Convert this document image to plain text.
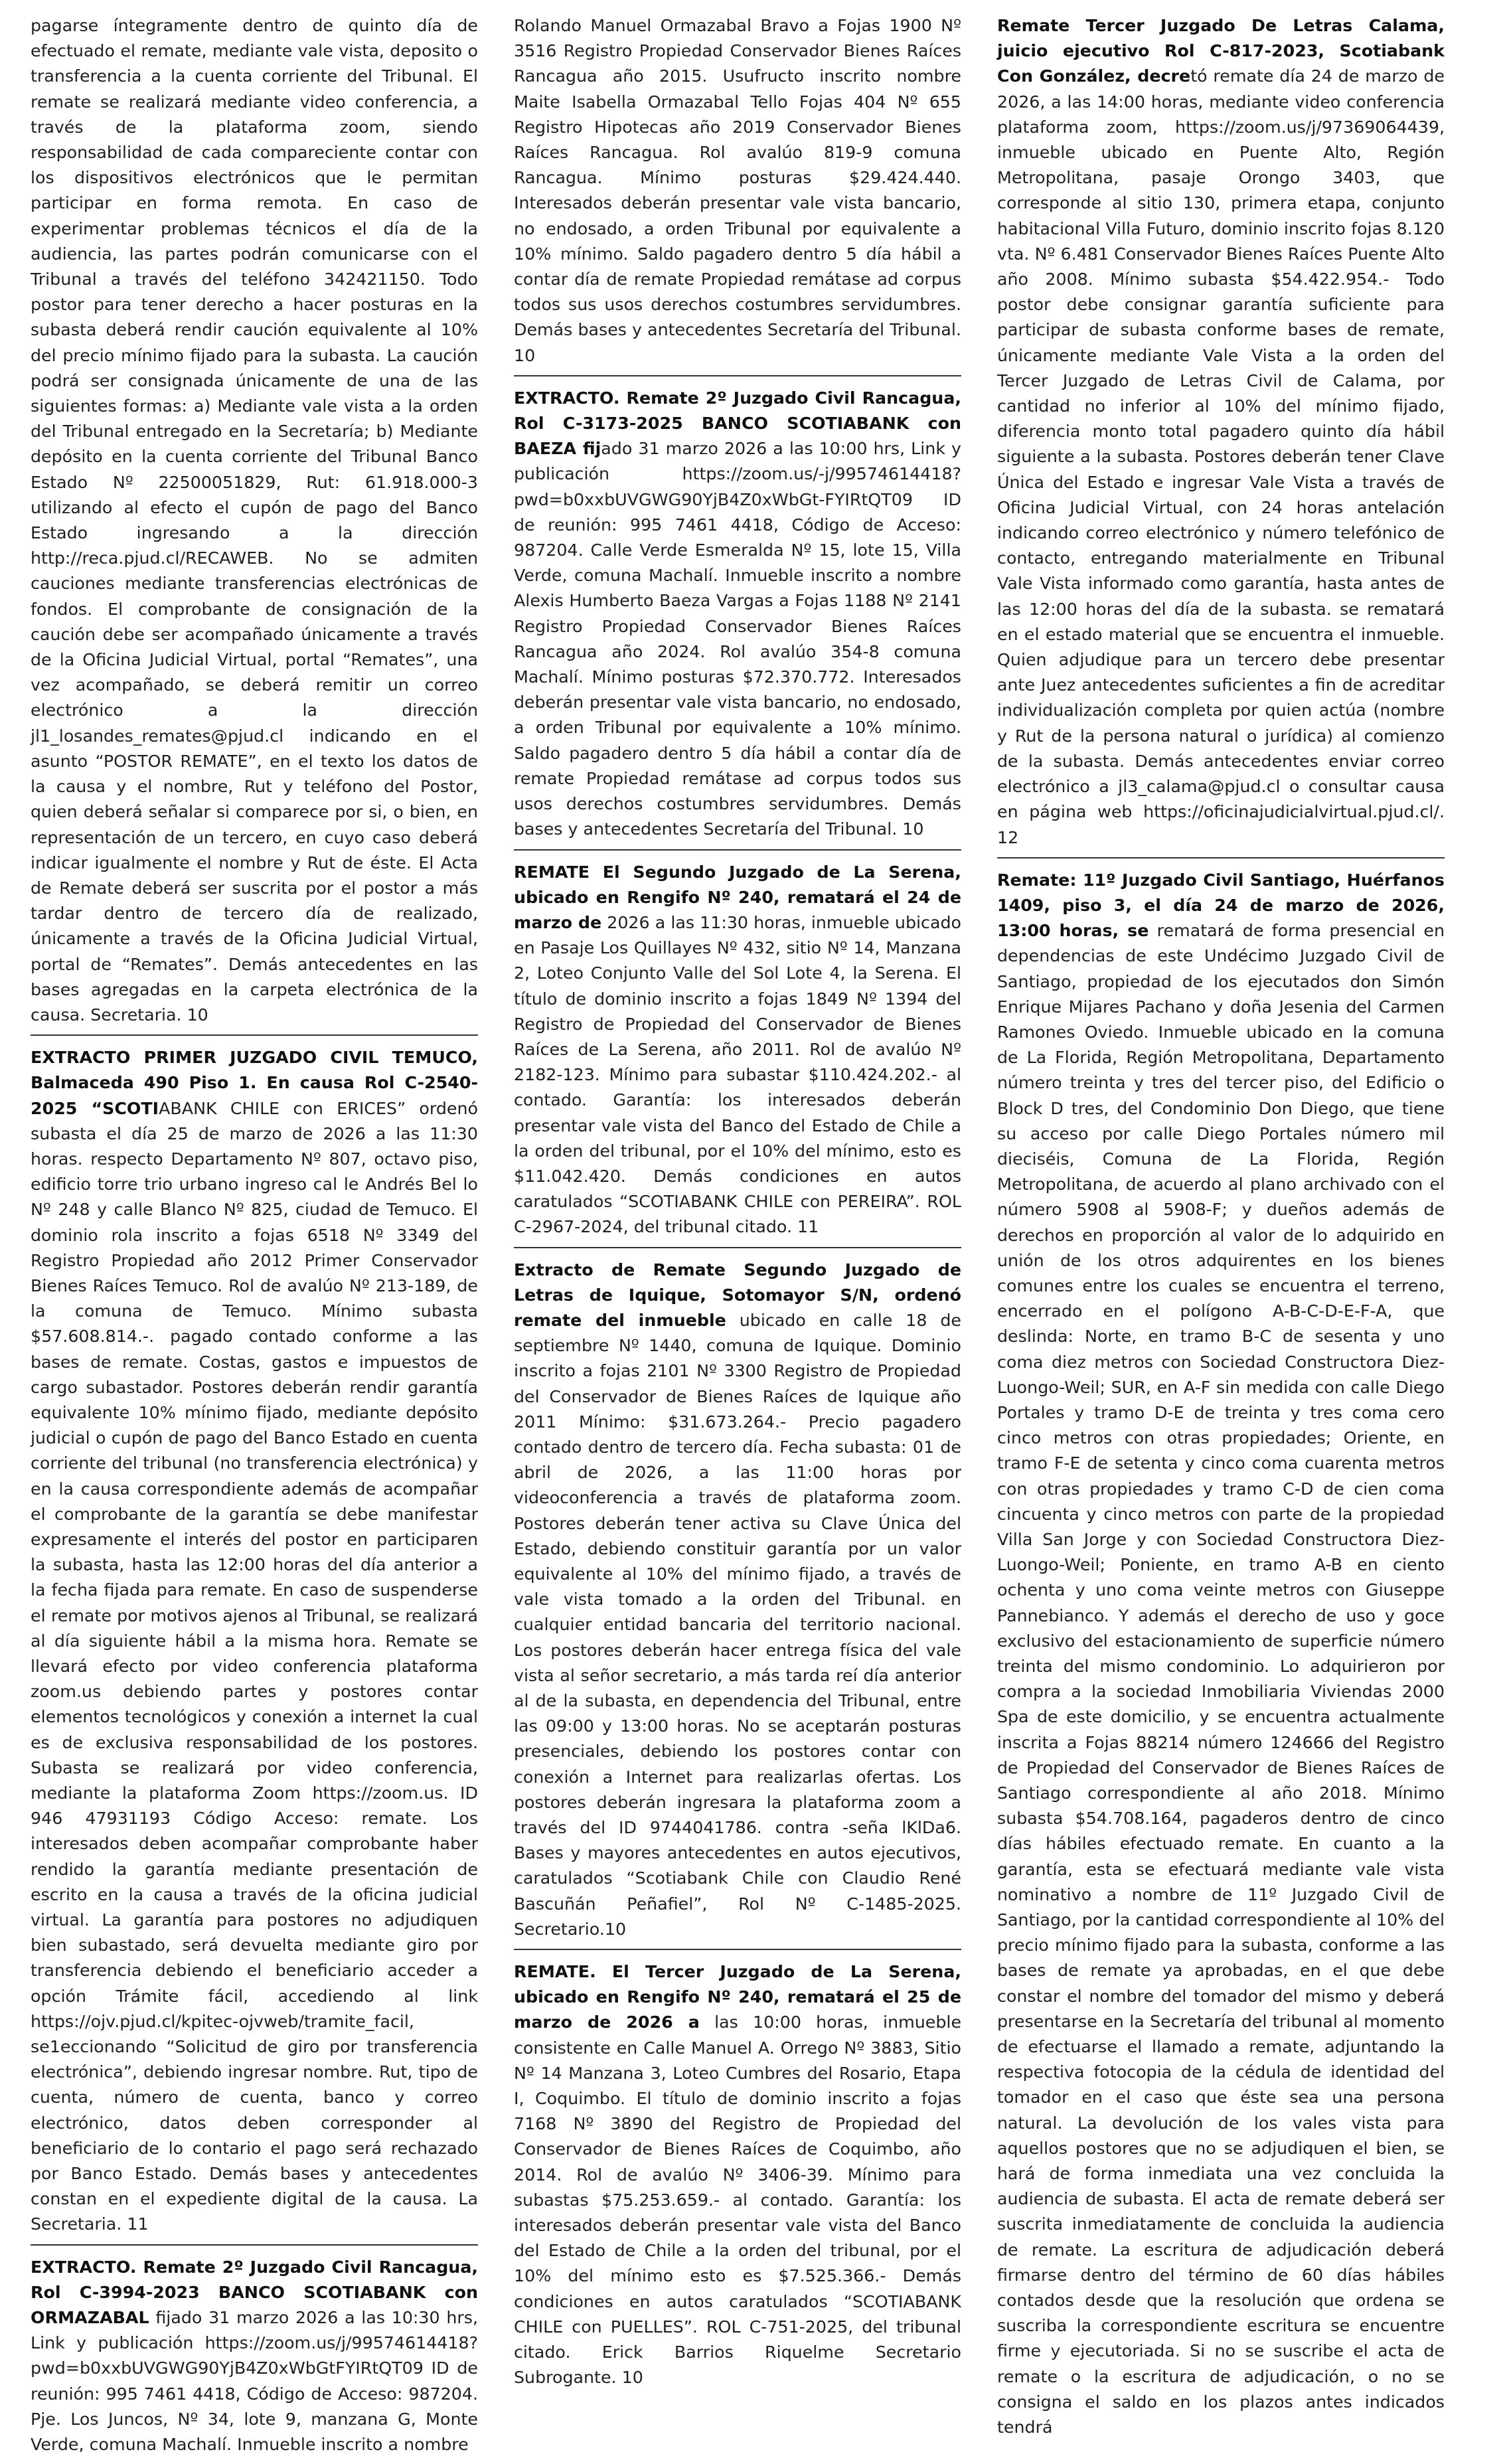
pagarse íntegramente dentro de quinto día de efectuado el remate, mediante vale vista, deposito o transferencia a la cuenta corriente del Tribunal. El remate se realizará mediante video conferencia, a través de la plataforma zoom, siendo responsabilidad de cada compareciente contar con los dispositivos electrónicos que le permitan participar en forma remota. En caso de experimentar problemas técnicos el día de la audiencia, las partes podrán comunicarse con el Tribunal a través del teléfono 342421150. Todo postor para tener derecho a hacer posturas en la subasta deberá rendir caución equivalente al 10% del precio mínimo fijado para la subasta. La caución podrá ser consignada únicamente de una de las siguientes formas: a) Mediante vale vista a la orden del Tribunal entregado en la Secretaría; b) Mediante depósito en la cuenta corriente del Tribunal Banco Estado Nº 22500051829, Rut: 61.918.000-3 utilizando al efecto el cupón de pago del Banco Estado ingresando a la dirección http://reca.pjud.cl/RECAWEB. No se admiten cauciones mediante transferencias electrónicas de fondos. El comprobante de consignación de la caución debe ser acompañado únicamente a través de la Oficina Judicial Virtual, portal “Remates”, una vez acompañado, se deberá remitir un correo electrónico a la dirección jl1_losandes_remates@pjud.cl indicando en el asunto “POSTOR REMATE”, en el texto los datos de la causa y el nombre, Rut y teléfono del Postor, quien deberá señalar si comparece por si, o bien, en representación de un tercero, en cuyo caso deberá indicar igualmente el nombre y Rut de éste. El Acta de Remate deberá ser suscrita por el postor a más tardar dentro de tercero día de realizado, únicamente a través de la Oficina Judicial Virtual, portal de “Remates”. Demás antecedentes en las bases agregadas en la carpeta electrónica de la causa. Secretaria. 10

EXTRACTO PRIMER JUZGADO CIVIL TEMUCO, Balmaceda 490 Piso 1. En causa Rol C-2540-2025 “SCOTIABANK CHILE con ERICES” ordenó subasta el día 25 de marzo de 2026 a las 11:30 horas. respecto Departamento Nº 807, octavo piso, edificio torre trio urbano ingreso cal le Andrés Bel lo Nº 248 y calle Blanco Nº 825, ciudad de Temuco. El dominio rola inscrito a fojas 6518 Nº 3349 del Registro Propiedad año 2012 Primer Conservador Bienes Raíces Temuco. Rol de avalúo Nº 213-189, de la comuna de Temuco. Mínimo subasta $57.608.814.-. pagado contado conforme a las bases de remate. Costas, gastos e impuestos de cargo subastador. Postores deberán rendir garantía equivalente 10% mínimo fijado, mediante depósito judicial o cupón de pago del Banco Estado en cuenta corriente del tribunal (no transferencia electrónica) y en la causa correspondiente además de acompañar el comprobante de la garantía se debe manifestar expresamente el interés del postor en participaren la subasta, hasta las 12:00 horas del día anterior a la fecha fijada para remate. En caso de suspenderse el remate por motivos ajenos al Tribunal, se realizará al día siguiente hábil a la misma hora. Remate se llevará efecto por video conferencia plataforma zoom.us debiendo partes y postores contar elementos tecnológicos y conexión a internet la cual es de exclusiva responsabilidad de los postores. Subasta se realizará por video conferencia, mediante la plataforma Zoom https://zoom.us. ID 946 47931193 Código Acceso: remate. Los interesados deben acompañar comprobante haber rendido la garantía mediante presentación de escrito en la causa a través de la oficina judicial virtual. La garantía para postores no adjudiquen bien subastado, será devuelta mediante giro por transferencia debiendo el beneficiario acceder a opción Trámite fácil, accediendo al link https://ojv.pjud.cl/kpitec-ojvweb/tramite_facil, se1eccionando “Solicitud de giro por transferencia electrónica”, debiendo ingresar nombre. Rut, tipo de cuenta, número de cuenta, banco y correo electrónico, datos deben corresponder al beneficiario de lo contario el pago será rechazado por Banco Estado. Demás bases y antecedentes constan en el expediente digital de la causa. La Secretaria. 11

EXTRACTO. Remate 2º Juzgado Civil Rancagua, Rol C-3994-2023 BANCO SCOTIABANK con ORMAZABAL fijado 31 marzo 2026 a las 10:30 hrs, Link y publicación https://zoom.us/j/99574614418?pwd=b0xxbUVGWG90YjB4Z0xWbGtFYIRtQT09 ID de reunión: 995 7461 4418, Código de Acceso: 987204. Pje. Los Juncos, Nº 34, lote 9, manzana G, Monte Verde, comuna Machalí. Inmueble inscrito a nombre

Rolando Manuel Ormazabal Bravo a Fojas 1900 Nº 3516 Registro Propiedad Conservador Bienes Raíces Rancagua año 2015. Usufructo inscrito nombre Maite Isabella Ormazabal Tello Fojas 404 Nº 655 Registro Hipotecas año 2019 Conservador Bienes Raíces Rancagua. Rol avalúo 819-9 comuna Rancagua. Mínimo posturas $29.424.440. Interesados deberán presentar vale vista bancario, no endosado, a orden Tribunal por equivalente a 10% mínimo. Saldo pagadero dentro 5 día hábil a contar día de remate Propiedad remátase ad corpus todos sus usos derechos costumbres servidumbres. Demás bases y antecedentes Secretaría del Tribunal. 10

EXTRACTO. Remate 2º Juzgado Civil Rancagua, Rol C-3173-2025 BANCO SCOTIABANK con BAEZA fijado 31 marzo 2026 a las 10:00 hrs, Link y publicación https://zoom.us/-j/99574614418?pwd=b0xxbUVGWG90YjB4Z0xWbGt-FYIRtQT09 ID de reunión: 995 7461 4418, Código de Acceso: 987204. Calle Verde Esmeralda Nº 15, lote 15, Villa Verde, comuna Machalí. Inmueble inscrito a nombre Alexis Humberto Baeza Vargas a Fojas 1188 Nº 2141 Registro Propiedad Conservador Bienes Raíces Rancagua año 2024. Rol avalúo 354-8 comuna Machalí. Mínimo posturas $72.370.772. Interesados deberán presentar vale vista bancario, no endosado, a orden Tribunal por equivalente a 10% mínimo. Saldo pagadero dentro 5 día hábil a contar día de remate Propiedad remátase ad corpus todos sus usos derechos costumbres servidumbres. Demás bases y antecedentes Secretaría del Tribunal. 10

REMATE El Segundo Juzgado de La Serena, ubicado en Rengifo Nº 240, rematará el 24 de marzo de 2026 a las 11:30 horas, inmueble ubicado en Pasaje Los Quillayes Nº 432, sitio Nº 14, Manzana 2, Loteo Conjunto Valle del Sol Lote 4, la Serena. El título de dominio inscrito a fojas 1849 Nº 1394 del Registro de Propiedad del Conservador de Bienes Raíces de La Serena, año 2011. Rol de avalúo Nº 2182-123. Mínimo para subastar $110.424.202.- al contado. Garantía: los interesados deberán presentar vale vista del Banco del Estado de Chile a la orden del tribunal, por el 10% del mínimo, esto es $11.042.420. Demás condiciones en autos caratulados “SCOTIABANK CHILE con PEREIRA”. ROL C-2967-2024, del tribunal citado. 11

Extracto de Remate Segundo Juzgado de Letras de Iquique, Sotomayor S/N, ordenó remate del inmueble ubicado en calle 18 de septiembre Nº 1440, comuna de Iquique. Dominio inscrito a fojas 2101 Nº 3300 Registro de Propiedad del Conservador de Bienes Raíces de Iquique año 2011 Mínimo: $31.673.264.- Precio pagadero contado dentro de tercero día. Fecha subasta: 01 de abril de 2026, a las 11:00 horas por videoconferencia a través de plataforma zoom. Postores deberán tener activa su Clave Única del Estado, debiendo constituir garantía por un valor equivalente al 10% del mínimo fijado, a través de vale vista tomado a la orden del Tribunal. en cualquier entidad bancaria del territorio nacional. Los postores deberán hacer entrega física del vale vista al señor secretario, a más tarda reí día anterior al de la subasta, en dependencia del Tribunal, entre las 09:00 y 13:00 horas. No se aceptarán posturas presenciales, debiendo los postores contar con conexión a Internet para realizarlas ofertas. Los postores deberán ingresara la plataforma zoom a través del ID 9744041786. contra -seña lKlDa6. Bases y mayores antecedentes en autos ejecutivos, caratulados “Scotiabank Chile con Claudio René Bascuñán Peñafiel”, Rol Nº C-1485-2025. Secretario.10

REMATE. El Tercer Juzgado de La Serena, ubicado en Rengifo Nº 240, rematará el 25 de marzo de 2026 a las 10:00 horas, inmueble consistente en Calle Manuel A. Orrego Nº 3883, Sitio Nº 14 Manzana 3, Loteo Cumbres del Rosario, Etapa I, Coquimbo. El título de dominio inscrito a fojas 7168 Nº 3890 del Registro de Propiedad del Conservador de Bienes Raíces de Coquimbo, año 2014. Rol de avalúo Nº 3406-39. Mínimo para subastas $75.253.659.- al contado. Garantía: los interesados deberán presentar vale vista del Banco del Estado de Chile a la orden del tribunal, por el 10% del mínimo esto es $7.525.366.- Demás condiciones en autos caratulados “SCOTIABANK CHILE con PUELLES”. ROL C-751-2025, del tribunal citado. Erick Barrios Riquelme Secretario Subrogante. 10

Remate Tercer Juzgado De Letras Calama, juicio ejecutivo Rol C-817-2023, Scotiabank Con González, decretó remate día 24 de marzo de 2026, a las 14:00 horas, mediante video conferencia plataforma zoom, https://zoom.us/j/97369064439, inmueble ubicado en Puente Alto, Región Metropolitana, pasaje Orongo 3403, que corresponde al sitio 130, primera etapa, conjunto habitacional Villa Futuro, dominio inscrito fojas 8.120 vta. Nº 6.481 Conservador Bienes Raíces Puente Alto año 2008. Mínimo subasta $54.422.954.- Todo postor debe consignar garantía suficiente para participar de subasta conforme bases de remate, únicamente mediante Vale Vista a la orden del Tercer Juzgado de Letras Civil de Calama, por cantidad no inferior al 10% del mínimo fijado, diferencia monto total pagadero quinto día hábil siguiente a la subasta. Postores deberán tener Clave Única del Estado e ingresar Vale Vista a través de Oficina Judicial Virtual, con 24 horas antelación indicando correo electrónico y número telefónico de contacto, entregando materialmente en Tribunal Vale Vista informado como garantía, hasta antes de las 12:00 horas del día de la subasta. se rematará en el estado material que se encuentra el inmueble. Quien adjudique para un tercero debe presentar ante Juez antecedentes suficientes a fin de acreditar individualización completa por quien actúa (nombre y Rut de la persona natural o jurídica) al comienzo de la subasta. Demás antecedentes enviar correo electrónico a jl3_calama@pjud.cl o consultar causa en página web https://oficinajudicialvirtual.pjud.cl/. 12

Remate: 11º Juzgado Civil Santiago, Huérfanos 1409, piso 3, el día 24 de marzo de 2026, 13:00 horas, se rematará de forma presencial en dependencias de este Undécimo Juzgado Civil de Santiago, propiedad de los ejecutados don Simón Enrique Mijares Pachano y doña Jesenia del Carmen Ramones Oviedo. Inmueble ubicado en la comuna de La Florida, Región Metropolitana, Departamento número treinta y tres del tercer piso, del Edificio o Block D tres, del Condominio Don Diego, que tiene su acceso por calle Diego Portales número mil dieciséis, Comuna de La Florida, Región Metropolitana, de acuerdo al plano archivado con el número 5908 al 5908-F; y dueños además de derechos en proporción al valor de lo adquirido en unión de los otros adquirentes en los bienes comunes entre los cuales se encuentra el terreno, encerrado en el polígono A-B-C-D-E-F-A, que deslinda: Norte, en tramo B-C de sesenta y uno coma diez metros con Sociedad Constructora Diez-Luongo-Weil; SUR, en A-F sin medida con calle Diego Portales y tramo D-E de treinta y tres coma cero cinco metros con otras propiedades; Oriente, en tramo F-E de setenta y cinco coma cuarenta metros con otras propiedades y tramo C-D de cien coma cincuenta y cinco metros con parte de la propiedad Villa San Jorge y con Sociedad Constructora Diez-Luongo-Weil; Poniente, en tramo A-B en ciento ochenta y uno coma veinte metros con Giuseppe Pannebianco. Y además el derecho de uso y goce exclusivo del estacionamiento de superficie número treinta del mismo condominio. Lo adquirieron por compra a la sociedad Inmobiliaria Viviendas 2000 Spa de este domicilio, y se encuentra actualmente inscrita a Fojas 88214 número 124666 del Registro de Propiedad del Conservador de Bienes Raíces de Santiago correspondiente al año 2018. Mínimo subasta $54.708.164, pagaderos dentro de cinco días hábiles efectuado remate. En cuanto a la garantía, esta se efectuará mediante vale vista nominativo a nombre de 11º Juzgado Civil de Santiago, por la cantidad correspondiente al 10% del precio mínimo fijado para la subasta, conforme a las bases de remate ya aprobadas, en el que debe constar el nombre del tomador del mismo y deberá presentarse en la Secretaría del tribunal al momento de efectuarse el llamado a remate, adjuntando la respectiva fotocopia de la cédula de identidad del tomador en el caso que éste sea una persona natural. La devolución de los vales vista para aquellos postores que no se adjudiquen el bien, se hará de forma inmediata una vez concluida la audiencia de subasta. El acta de remate deberá ser suscrita inmediatamente de concluida la audiencia de remate. La escritura de adjudicación deberá firmarse dentro del término de 60 días hábiles contados desde que la resolución que ordena se suscriba la correspondiente escritura se encuentre firme y ejecutoriada. Si no se suscribe el acta de remate o la escritura de adjudicación, o no se consigna el saldo en los plazos antes indicados tendrá
